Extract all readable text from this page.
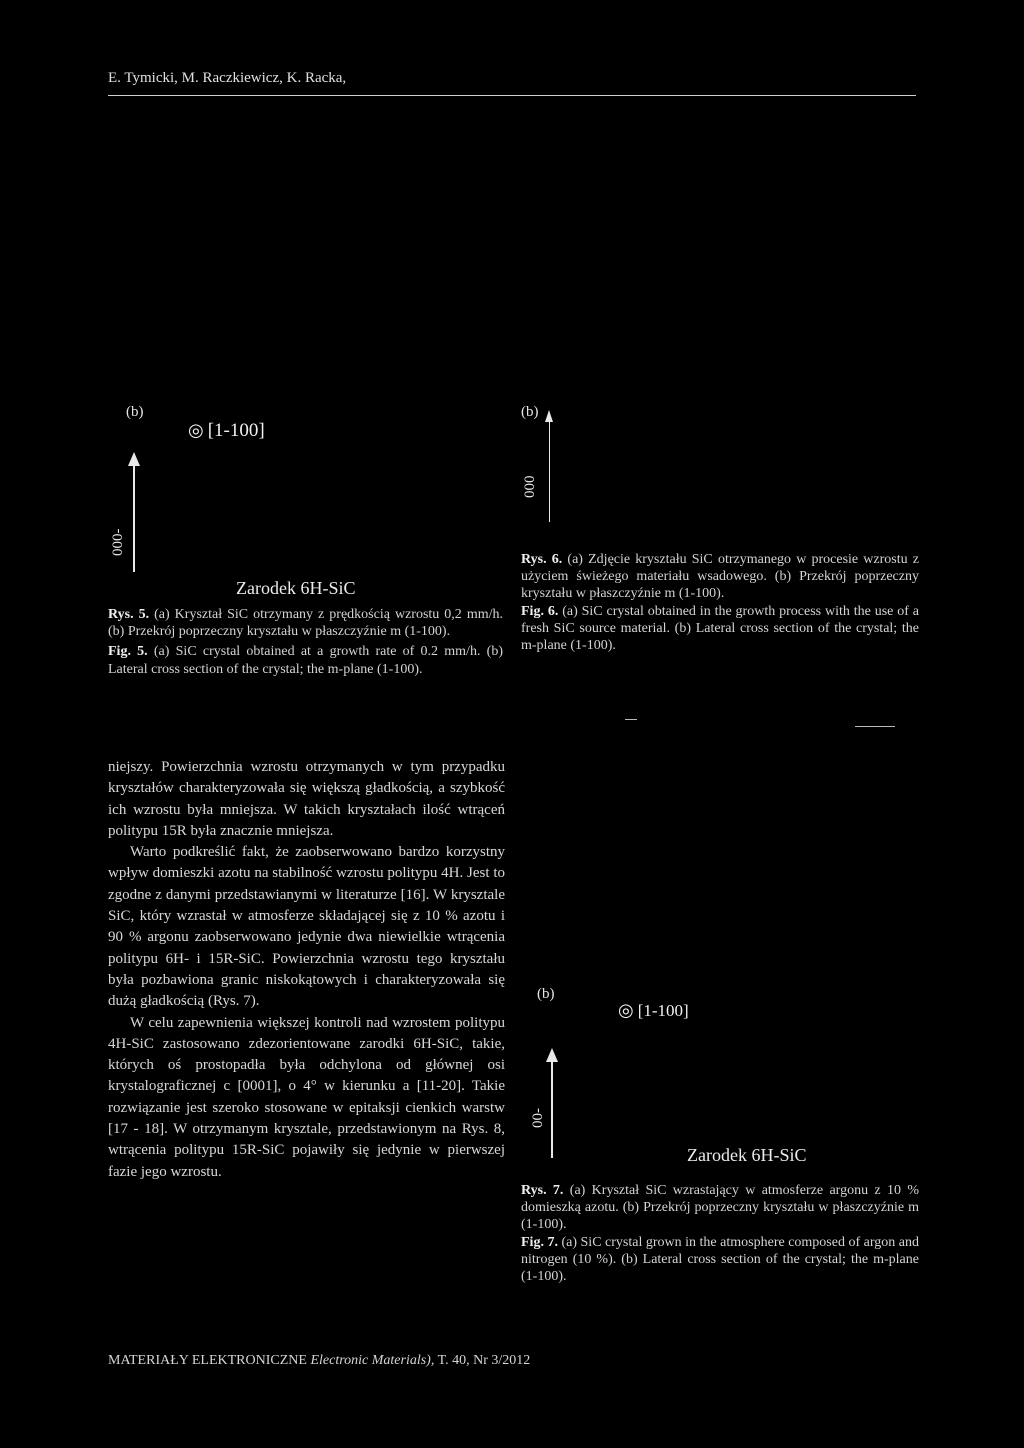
E. Tymicki, M. Raczkiewicz, K. Racka,
(b)
◎ [1-100]
000-
Zarodek 6H-SiC

Rys. 5. (a) Kryształ SiC otrzymany z prędkością wzrostu 0,2 mm/h. (b) Przekrój poprzeczny kryształu w płaszczyźnie m (1-100).

Fig. 5. (a) SiC crystal obtained at a growth rate of 0.2 mm/h. (b) Lateral cross section of the crystal; the m-plane (1-100).

(b)
000

Rys. 6. (a) Zdjęcie kryształu SiC otrzymanego w procesie wzrostu z użyciem świeżego materiału wsadowego. (b) Przekrój poprzeczny kryształu w płaszczyźnie m (1-100).

Fig. 6. (a) SiC crystal obtained in the growth process with the use of a fresh SiC source material. (b) Lateral cross section of the crystal; the m-plane (1-100).

niejszy. Powierzchnia wzrostu otrzymanych w tym przypadku kryształów charakteryzowała się większą gładkością, a szybkość ich wzrostu była mniejsza. W takich kryształach ilość wtrąceń politypu 15R była znacznie mniejsza.

Warto podkreślić fakt, że zaobserwowano bardzo korzystny wpływ domieszki azotu na stabilność wzrostu politypu 4H. Jest to zgodne z danymi przedstawianymi w literaturze [16]. W krysztale SiC, który wzrastał w atmosferze składającej się z 10 % azotu i 90 % argonu zaobserwowano jedynie dwa niewielkie wtrącenia politypu 6H- i 15R-SiC. Powierzchnia wzrostu tego kryształu była pozbawiona granic niskokątowych i charakteryzowała się dużą gładkością (Rys. 7).

W celu zapewnienia większej kontroli nad wzrostem politypu 4H-SiC zastosowano zdezorientowane zarodki 6H-SiC, takie, których oś prostopadła była odchylona od głównej osi krystalograficznej c [0001], o 4° w kierunku a [11-20]. Takie rozwiązanie jest szeroko stosowane w epitaksji cienkich warstw [17 - 18]. W otrzymanym krysztale, przedstawionym na Rys. 8, wtrącenia politypu 15R-SiC pojawiły się jedynie w pierwszej fazie jego wzrostu.

(b)
◎ [1-100]
00-
Zarodek 6H-SiC

Rys. 7. (a) Kryształ SiC wzrastający w atmosferze argonu z 10 % domieszką azotu. (b) Przekrój poprzeczny kryształu w płaszczyźnie m (1-100).

Fig. 7. (a) SiC crystal grown in the atmosphere composed of argon and nitrogen (10 %). (b) Lateral cross section of the crystal; the m-plane (1-100).

MATERIAŁY ELEKTRONICZNE Electronic Materials), T. 40, Nr 3/2012
